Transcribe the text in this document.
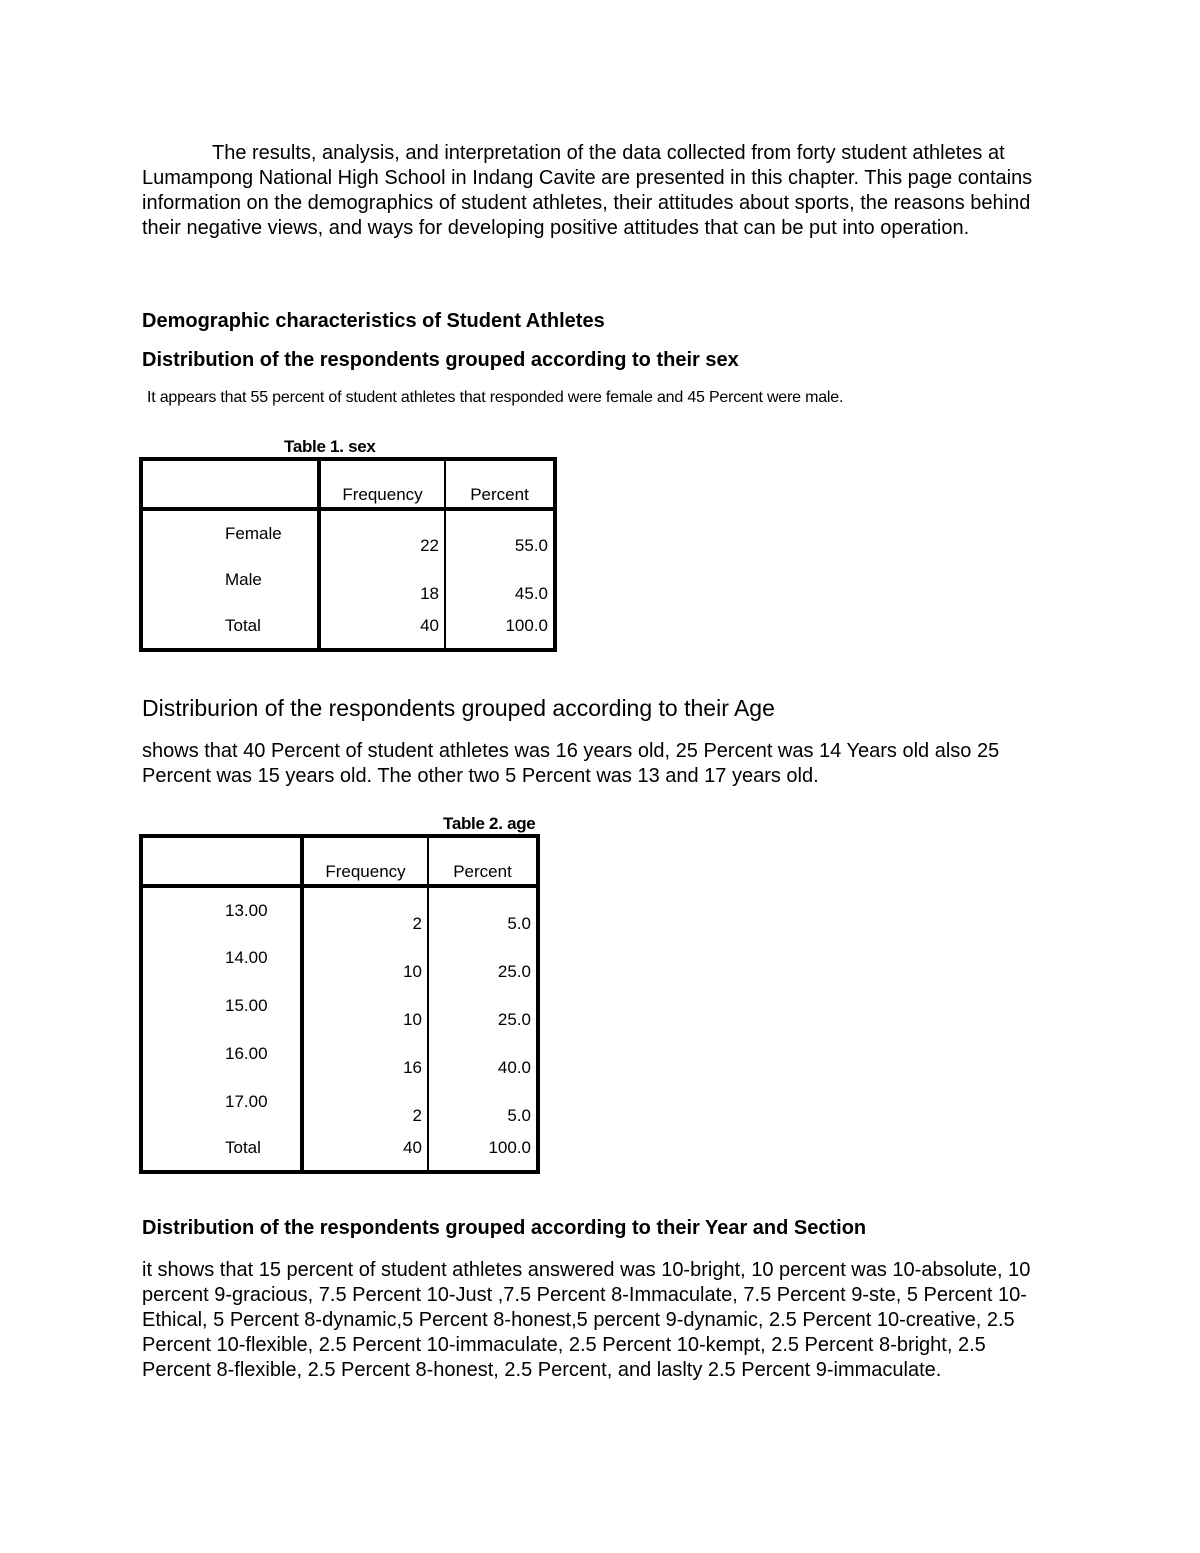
The results, analysis, and interpretation of the data collected from forty student athletes at Lumampong National High School in Indang Cavite are presented in this chapter. This page contains information on the demographics of student athletes, their attitudes about sports, the reasons behind their negative views, and ways for developing positive attitudes that can be put into operation.
Demographic characteristics of Student Athletes
Distribution of the respondents grouped according to their sex
It appears that 55 percent of student athletes that responded were female and 45 Percent were male.
Table 1. sex
	Frequency	Percent
Female	22	55.0
Male	18	45.0
Total	40	100.0
Distriburion of the respondents grouped according to their Age
shows that 40 Percent of student athletes was 16 years old, 25 Percent was 14 Years old also 25 Percent was 15 years old. The other two 5 Percent was 13 and 17 years old.
Table 2. age
	Frequency	Percent
13.00	2	5.0
14.00	10	25.0
15.00	10	25.0
16.00	16	40.0
17.00	2	5.0
Total	40	100.0
Distribution of the respondents grouped according to their Year and Section
it shows that 15 percent of student athletes answered was 10-bright, 10 percent was 10-absolute, 10 percent 9-gracious, 7.5 Percent 10-Just ,7.5 Percent 8-Immaculate, 7.5 Percent 9-ste, 5 Percent 10-Ethical, 5 Percent 8-dynamic,5 Percent 8-honest,5 percent 9-dynamic, 2.5 Percent 10-creative, 2.5 Percent 10-flexible, 2.5 Percent 10-immaculate, 2.5 Percent 10-kempt, 2.5 Percent 8-bright, 2.5 Percent 8-flexible, 2.5 Percent 8-honest, 2.5 Percent, and laslty 2.5 Percent 9-immaculate.
